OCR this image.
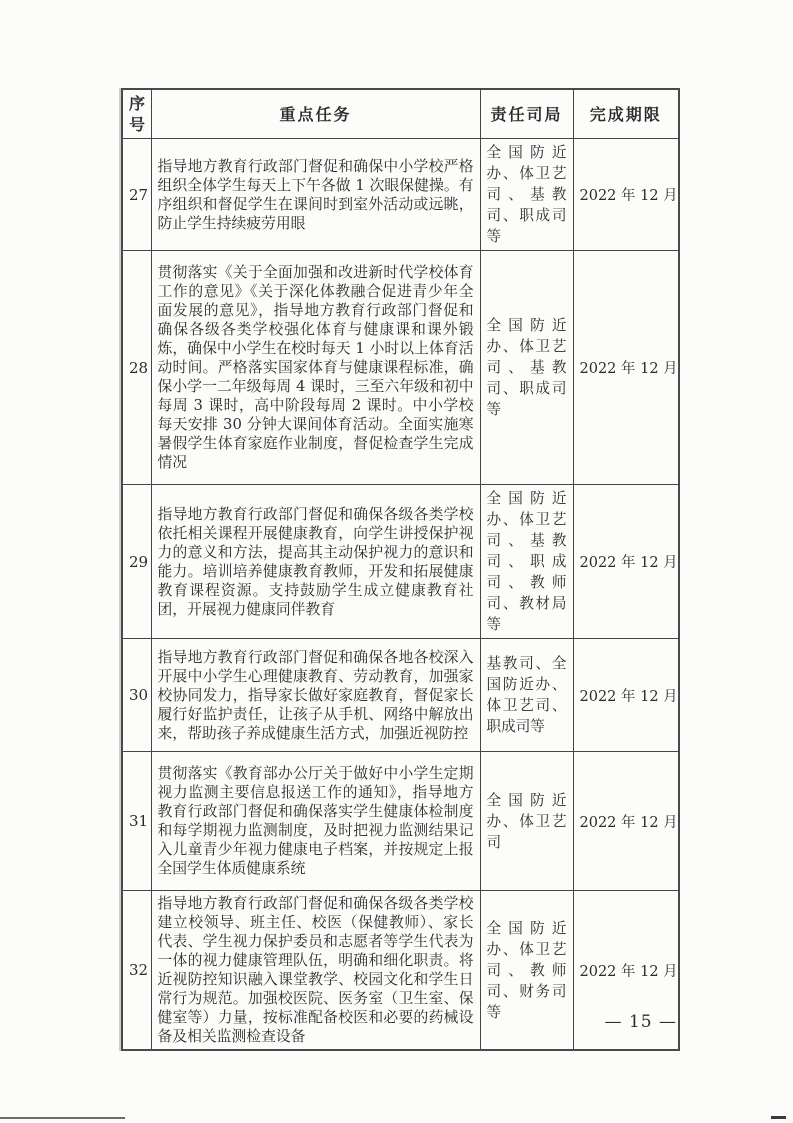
序号	重点任务	责任司局	完成期限
27	指导地方教育行政部门督促和确保中小学校严格组织全体学生每天上下午各做 1 次眼保健操。有序组织和督促学生在课间时到室外活动或远眺，防止学生持续疲劳用眼	全国防近办、体卫艺司、基教司、职成司等	2022 年 12 月
28	贯彻落实《关于全面加强和改进新时代学校体育工作的意见》《关于深化体教融合促进青少年全面发展的意见》，指导地方教育行政部门督促和确保各级各类学校强化体育与健康课和课外锻炼，确保中小学生在校时每天 1 小时以上体育活动时间。严格落实国家体育与健康课程标准，确保小学一二年级每周 4 课时，三至六年级和初中每周 3 课时，高中阶段每周 2 课时。中小学校每天安排 30 分钟大课间体育活动。全面实施寒暑假学生体育家庭作业制度，督促检查学生完成情况	全国防近办、体卫艺司、基教司、职成司等	2022 年 12 月
29	指导地方教育行政部门督促和确保各级各类学校依托相关课程开展健康教育，向学生讲授保护视力的意义和方法，提高其主动保护视力的意识和能力。培训培养健康教育教师，开发和拓展健康教育课程资源。支持鼓励学生成立健康教育社团，开展视力健康同伴教育	全国防近办、体卫艺司、基教司、职成司、教师司、教材局等	2022 年 12 月
30	指导地方教育行政部门督促和确保各地各校深入开展中小学生心理健康教育、劳动教育，加强家校协同发力，指导家长做好家庭教育，督促家长履行好监护责任，让孩子从手机、网络中解放出来，帮助孩子养成健康生活方式，加强近视防控	基教司、全国防近办、体卫艺司、职成司等	2022 年 12 月
31	贯彻落实《教育部办公厅关于做好中小学生定期视力监测主要信息报送工作的通知》，指导地方教育行政部门督促和确保落实学生健康体检制度和每学期视力监测制度，及时把视力监测结果记入儿童青少年视力健康电子档案，并按规定上报全国学生体质健康系统	全国防近办、体卫艺司	2022 年 12 月
32	指导地方教育行政部门督促和确保各级各类学校建立校领导、班主任、校医（保健教师）、家长代表、学生视力保护委员和志愿者等学生代表为一体的视力健康管理队伍，明确和细化职责。将近视防控知识融入课堂教学、校园文化和学生日常行为规范。加强校医院、医务室（卫生室、保健室等）力量，按标准配备校医和必要的药械设备及相关监测检查设备	全国防近办、体卫艺司、教师司、财务司等	2022 年 12 月
— 15 —
